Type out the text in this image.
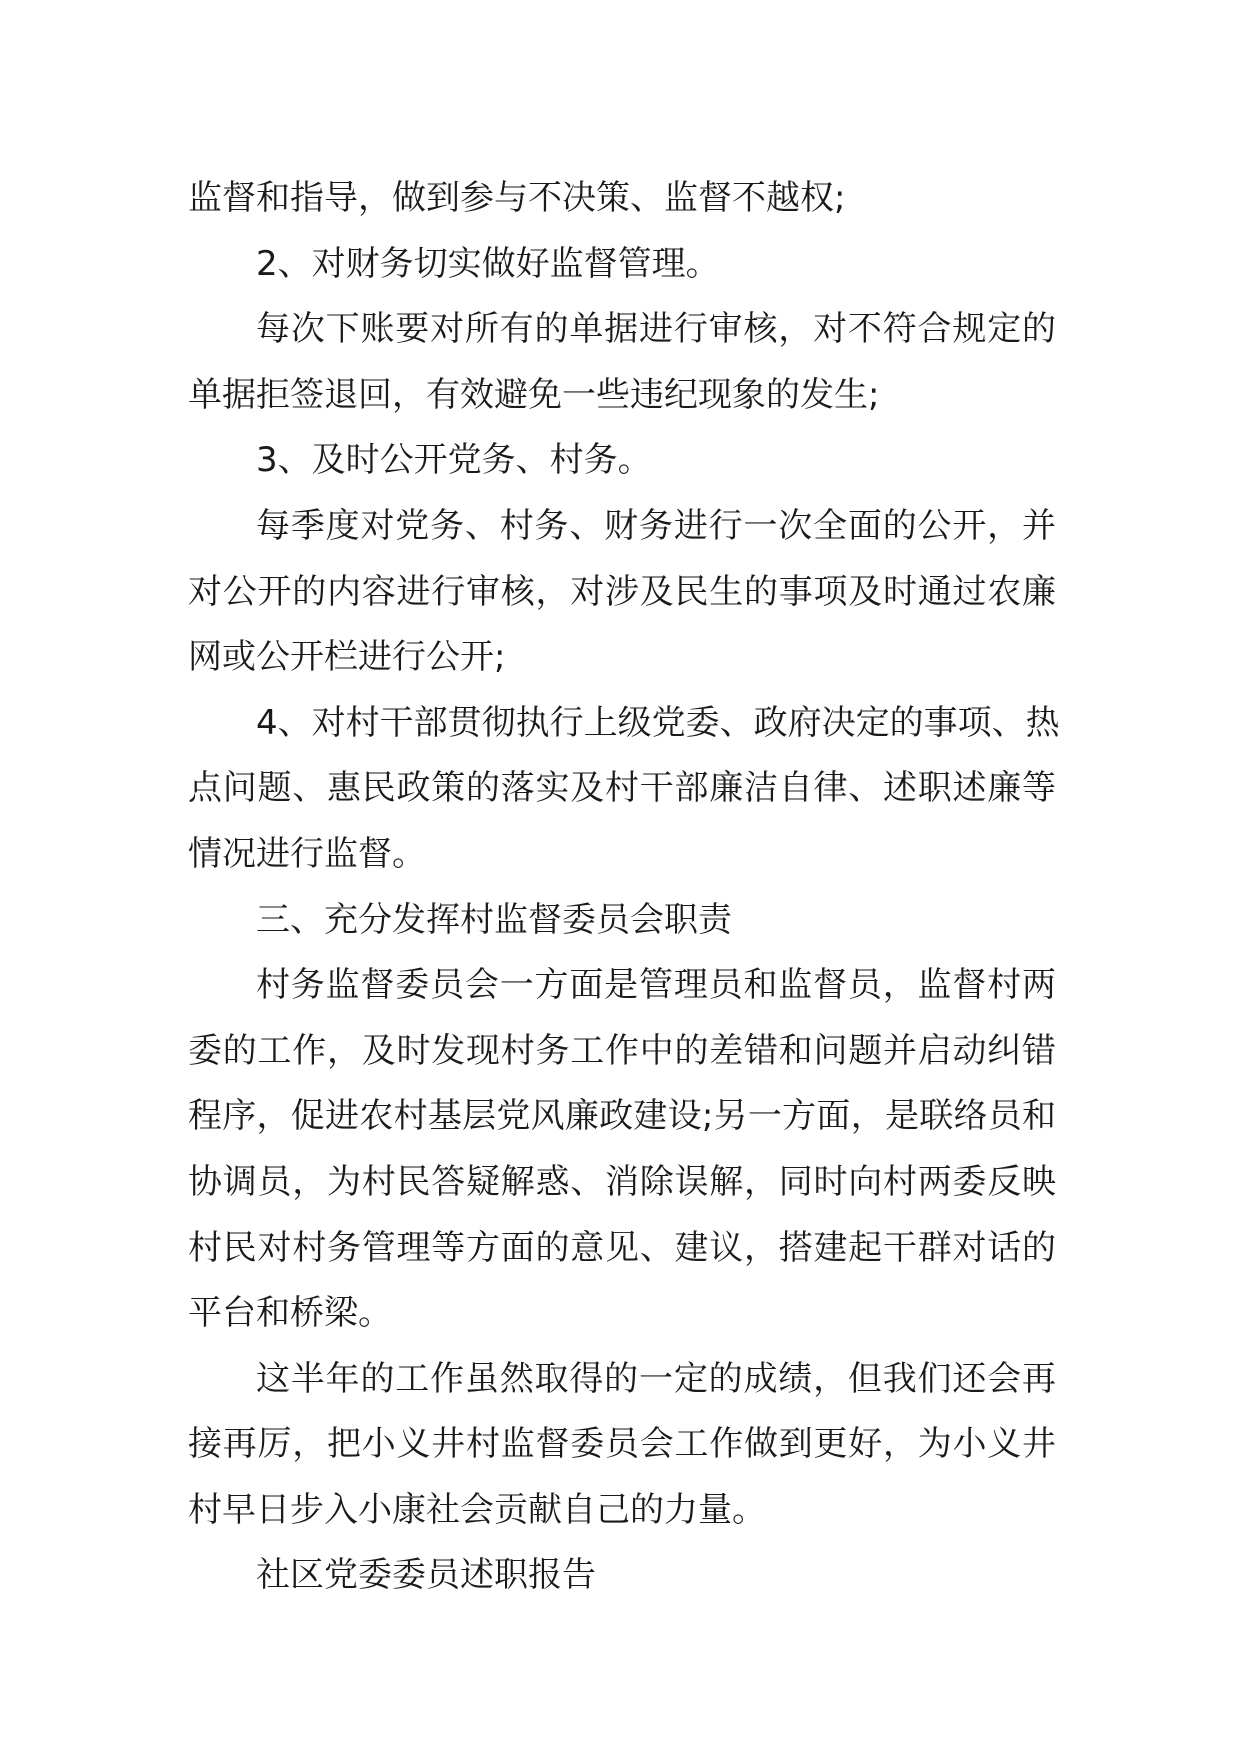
监督和指导，做到参与不决策、监督不越权;
2、对财务切实做好监督管理。
每次下账要对所有的单据进行审核，对不符合规定的
单据拒签退回，有效避免一些违纪现象的发生;
3、及时公开党务、村务。
每季度对党务、村务、财务进行一次全面的公开，并
对公开的内容进行审核，对涉及民生的事项及时通过农廉
网或公开栏进行公开;
4、对村干部贯彻执行上级党委、政府决定的事项、热
点问题、惠民政策的落实及村干部廉洁自律、述职述廉等
情况进行监督。
三、充分发挥村监督委员会职责
村务监督委员会一方面是管理员和监督员，监督村两
委的工作，及时发现村务工作中的差错和问题并启动纠错
程序，促进农村基层党风廉政建设;另一方面，是联络员和
协调员，为村民答疑解惑、消除误解，同时向村两委反映
村民对村务管理等方面的意见、建议，搭建起干群对话的
平台和桥梁。
这半年的工作虽然取得的一定的成绩，但我们还会再
接再厉，把小义井村监督委员会工作做到更好，为小义井
村早日步入小康社会贡献自己的力量。
社区党委委员述职报告
